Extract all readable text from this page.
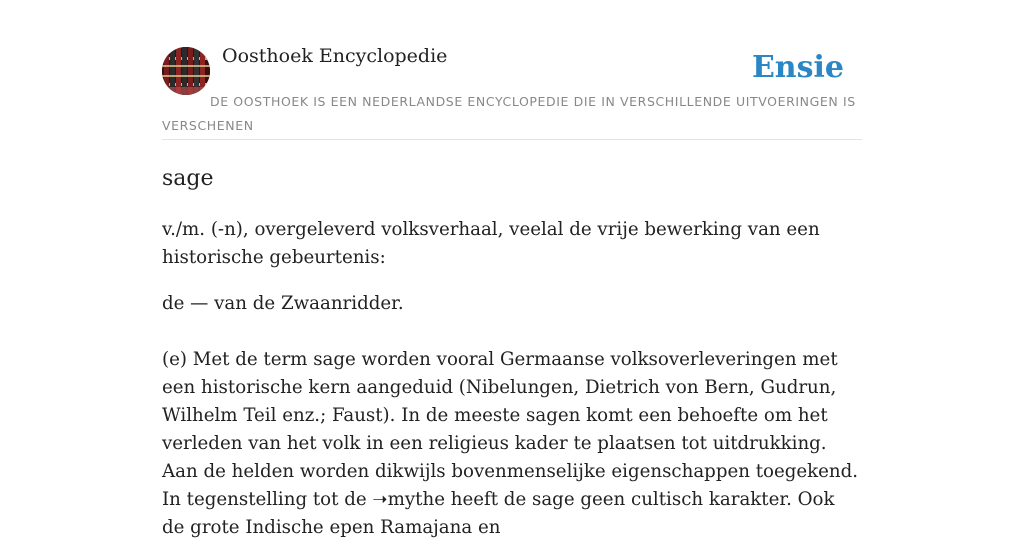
Oosthoek Encyclopedie	Ensie
DE OOSTHOEK IS EEN NEDERLANDSE ENCYCLOPEDIE DIE IN VERSCHILLENDE UITVOERINGEN IS VERSCHENEN
sage

v./m. (-n), overgeleverd volksverhaal, veelal de vrije bewerking van een historische gebeurtenis:

de — van de Zwaanridder.

(e) Met de term sage worden vooral Germaanse volksoverleveringen met een historische kern aangeduid (Nibelungen, Dietrich von Bern, Gudrun, Wilhelm Teil enz.; Faust). In de meeste sagen komt een behoefte om het verleden van het volk in een religieus kader te plaatsen tot uitdrukking. Aan de helden worden dikwijls bovenmenselijke eigenschappen toegekend. In tegenstelling tot de ➝mythe heeft de sage geen cultisch karakter. Ook de grote Indische epen Ramajana en
